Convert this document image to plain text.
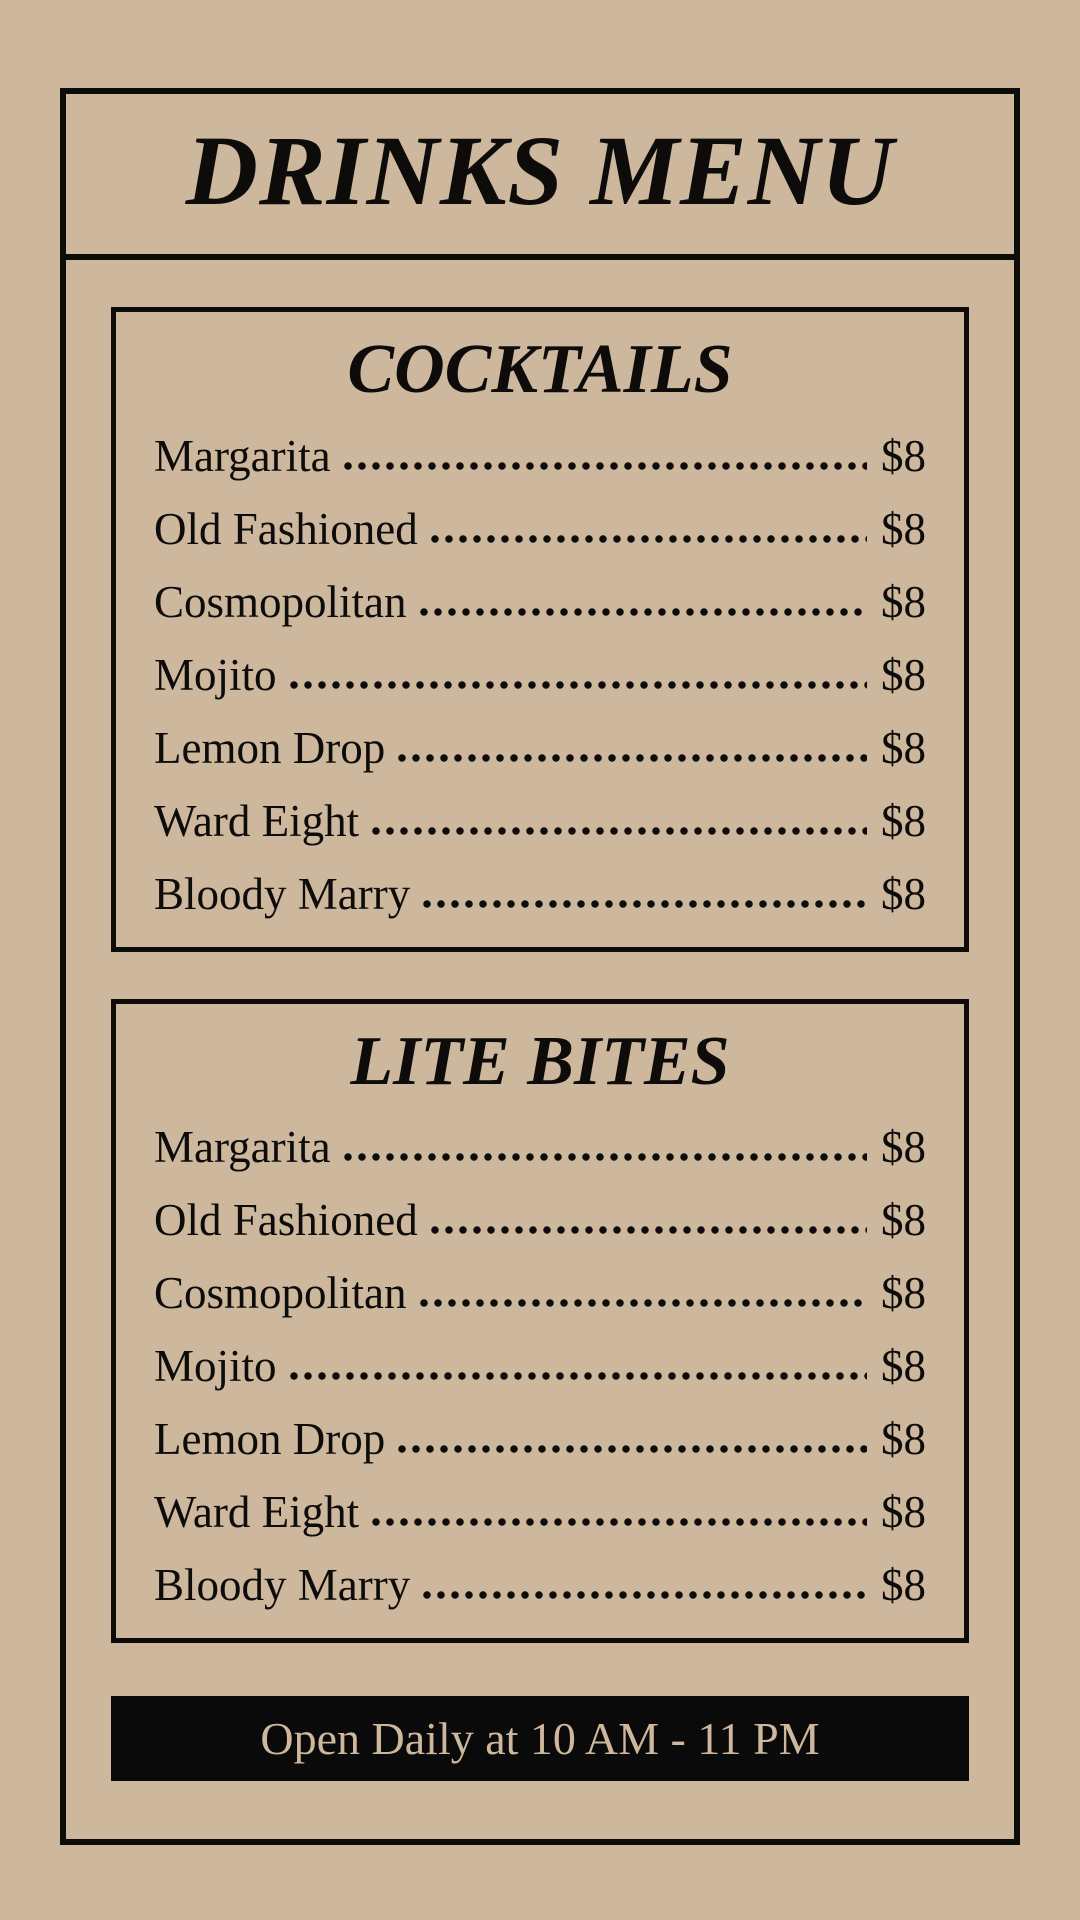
DRINKS MENU
COCKTAILS
Margarita	$8
Old Fashioned	$8
Cosmopolitan	$8
Mojito	$8
Lemon Drop	$8
Ward Eight	$8
Bloody Marry	$8
LITE BITES
Margarita	$8
Old Fashioned	$8
Cosmopolitan	$8
Mojito	$8
Lemon Drop	$8
Ward Eight	$8
Bloody Marry	$8
Open Daily at 10 AM - 11 PM
